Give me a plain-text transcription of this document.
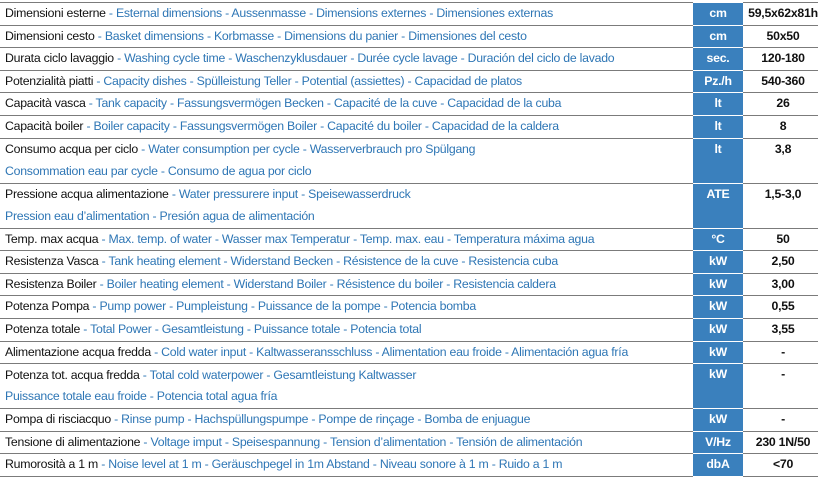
Dimensioni esterne - Esternal dimensions - Aussenmasse - Dimensions externes - Dimensiones externas	cm	59,5x62x81h

Dimensioni cesto - Basket dimensions - Korbmasse - Dimensions du panier - Dimensiones del cesto	cm	50x50

Durata ciclo lavaggio - Washing cycle time - Waschenzyklusdauer - Durée cycle lavage - Duración del ciclo de lavado	sec.	120-180

Potenzialità piatti - Capacity dishes - Spülleistung Teller - Potential (assiettes) - Capacidad de platos	Pz./h	540-360

Capacità vasca - Tank capacity - Fassungsvermögen Becken - Capacité de la cuve - Capacidad de la cuba	lt	26

Capacità boiler - Boiler capacity - Fassungsvermögen Boiler - Capacité du boiler - Capacidad de la caldera	lt	8

Consumo acqua per ciclo - Water consumption per cycle - Wasserverbrauch pro Spülgang
Consommation eau par cycle - Consumo de agua por ciclo	lt	3,8

Pressione acqua alimentazione - Water pressurere input - Speisewasserdruck
Pression eau d’alimentation - Presión agua de alimentación	ATE	1,5-3,0

Temp. max acqua - Max. temp. of water - Wasser max Temperatur - Temp. max. eau - Temperatura máxima agua	°C	50

Resistenza Vasca - Tank heating element - Widerstand Becken - Résistence de la cuve - Resistencia cuba	kW	2,50

Resistenza Boiler - Boiler heating element - Widerstand Boiler - Résistence du boiler - Resistencia caldera	kW	3,00

Potenza Pompa - Pump power - Pumpleistung - Puissance de la pompe - Potencia bomba	kW	0,55

Potenza totale - Total Power - Gesamtleistung - Puissance totale - Potencia total	kW	3,55

Alimentazione acqua fredda - Cold water input - Kaltwasseransschluss - Alimentation eau froide - Alimentación agua fría	kW	-

Potenza tot. acqua fredda - Total cold waterpower - Gesamtleistung Kaltwasser
Puissance totale eau froide - Potencia total agua fría	kW	-

Pompa di risciacquo - Rinse pump - Hachspüllungspumpe - Pompe de rinçage - Bomba de enjuague	kW	-

Tensione di alimentazione - Voltage imput - Speisespannung - Tension d’alimentation - Tensión de alimentación	V/Hz	230 1N/50

Rumorosità a 1 m - Noise level at 1 m - Geräuschpegel in 1m Abstand - Niveau sonore à 1 m - Ruido a 1 m	dbA	<70
